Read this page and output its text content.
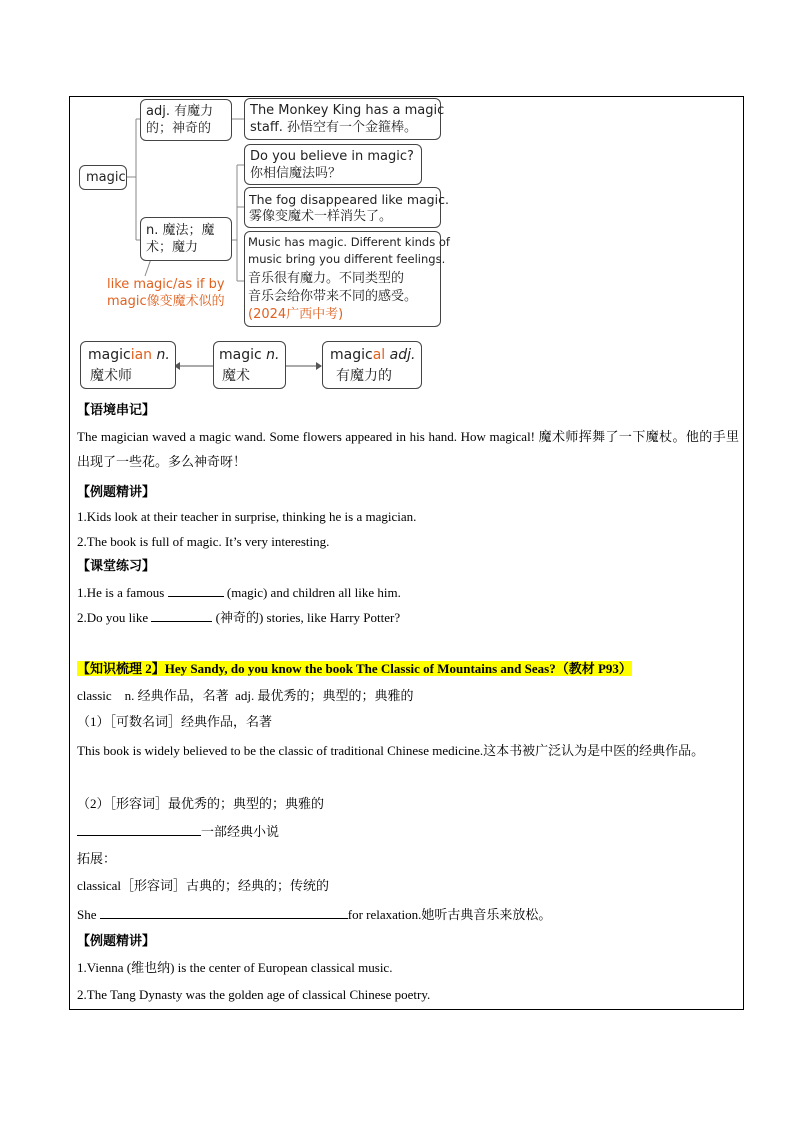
magic
adj. 有魔力
的；神奇的
The Monkey King has a magic
staff. 孙悟空有一个金箍棒。
n. 魔法；魔
术；魔力
Do you believe in magic?
你相信魔法吗？
The fog disappeared like magic.
雾像变魔术一样消失了。
Music has magic. Different kinds of
music bring you different feelings.
音乐很有魔力。不同类型的
音乐会给你带来不同的感受。
(2024广西中考)
like magic/as if by
magic像变魔术似的
magician n.
魔术师
magic n.
魔术
magical adj.
有魔力的
【语境串记】
The magician waved a magic wand. Some flowers appeared in his hand. How magical! 魔术师挥舞了一下魔杖。他的手里出现了一些花。多么神奇呀！
【例题精讲】
1.Kids look at their teacher in surprise, thinking he is a magician.
2.The book is full of magic. It’s very interesting.
【课堂练习】
1.He is a famous	(magic) and children all like him.
2.Do you like	(神奇的) stories, like Harry Potter?
【知识梳理 2】Hey Sandy, do you know the book The Classic of Mountains and Seas?（教材 P93）
classic    n. 经典作品，名著  adj. 最优秀的；典型的；典雅的
（1）［可数名词］经典作品，名著
This book is widely believed to be the classic of traditional Chinese medicine.这本书被广泛认为是中医的经典作品。
（2）［形容词］最优秀的；典型的；典雅的
一部经典小说
拓展：
classical［形容词］古典的；经典的；传统的
She	for relaxation.她听古典音乐来放松。
【例题精讲】
1.Vienna (维也纳) is the center of European classical music.
2.The Tang Dynasty was the golden age of classical Chinese poetry.
